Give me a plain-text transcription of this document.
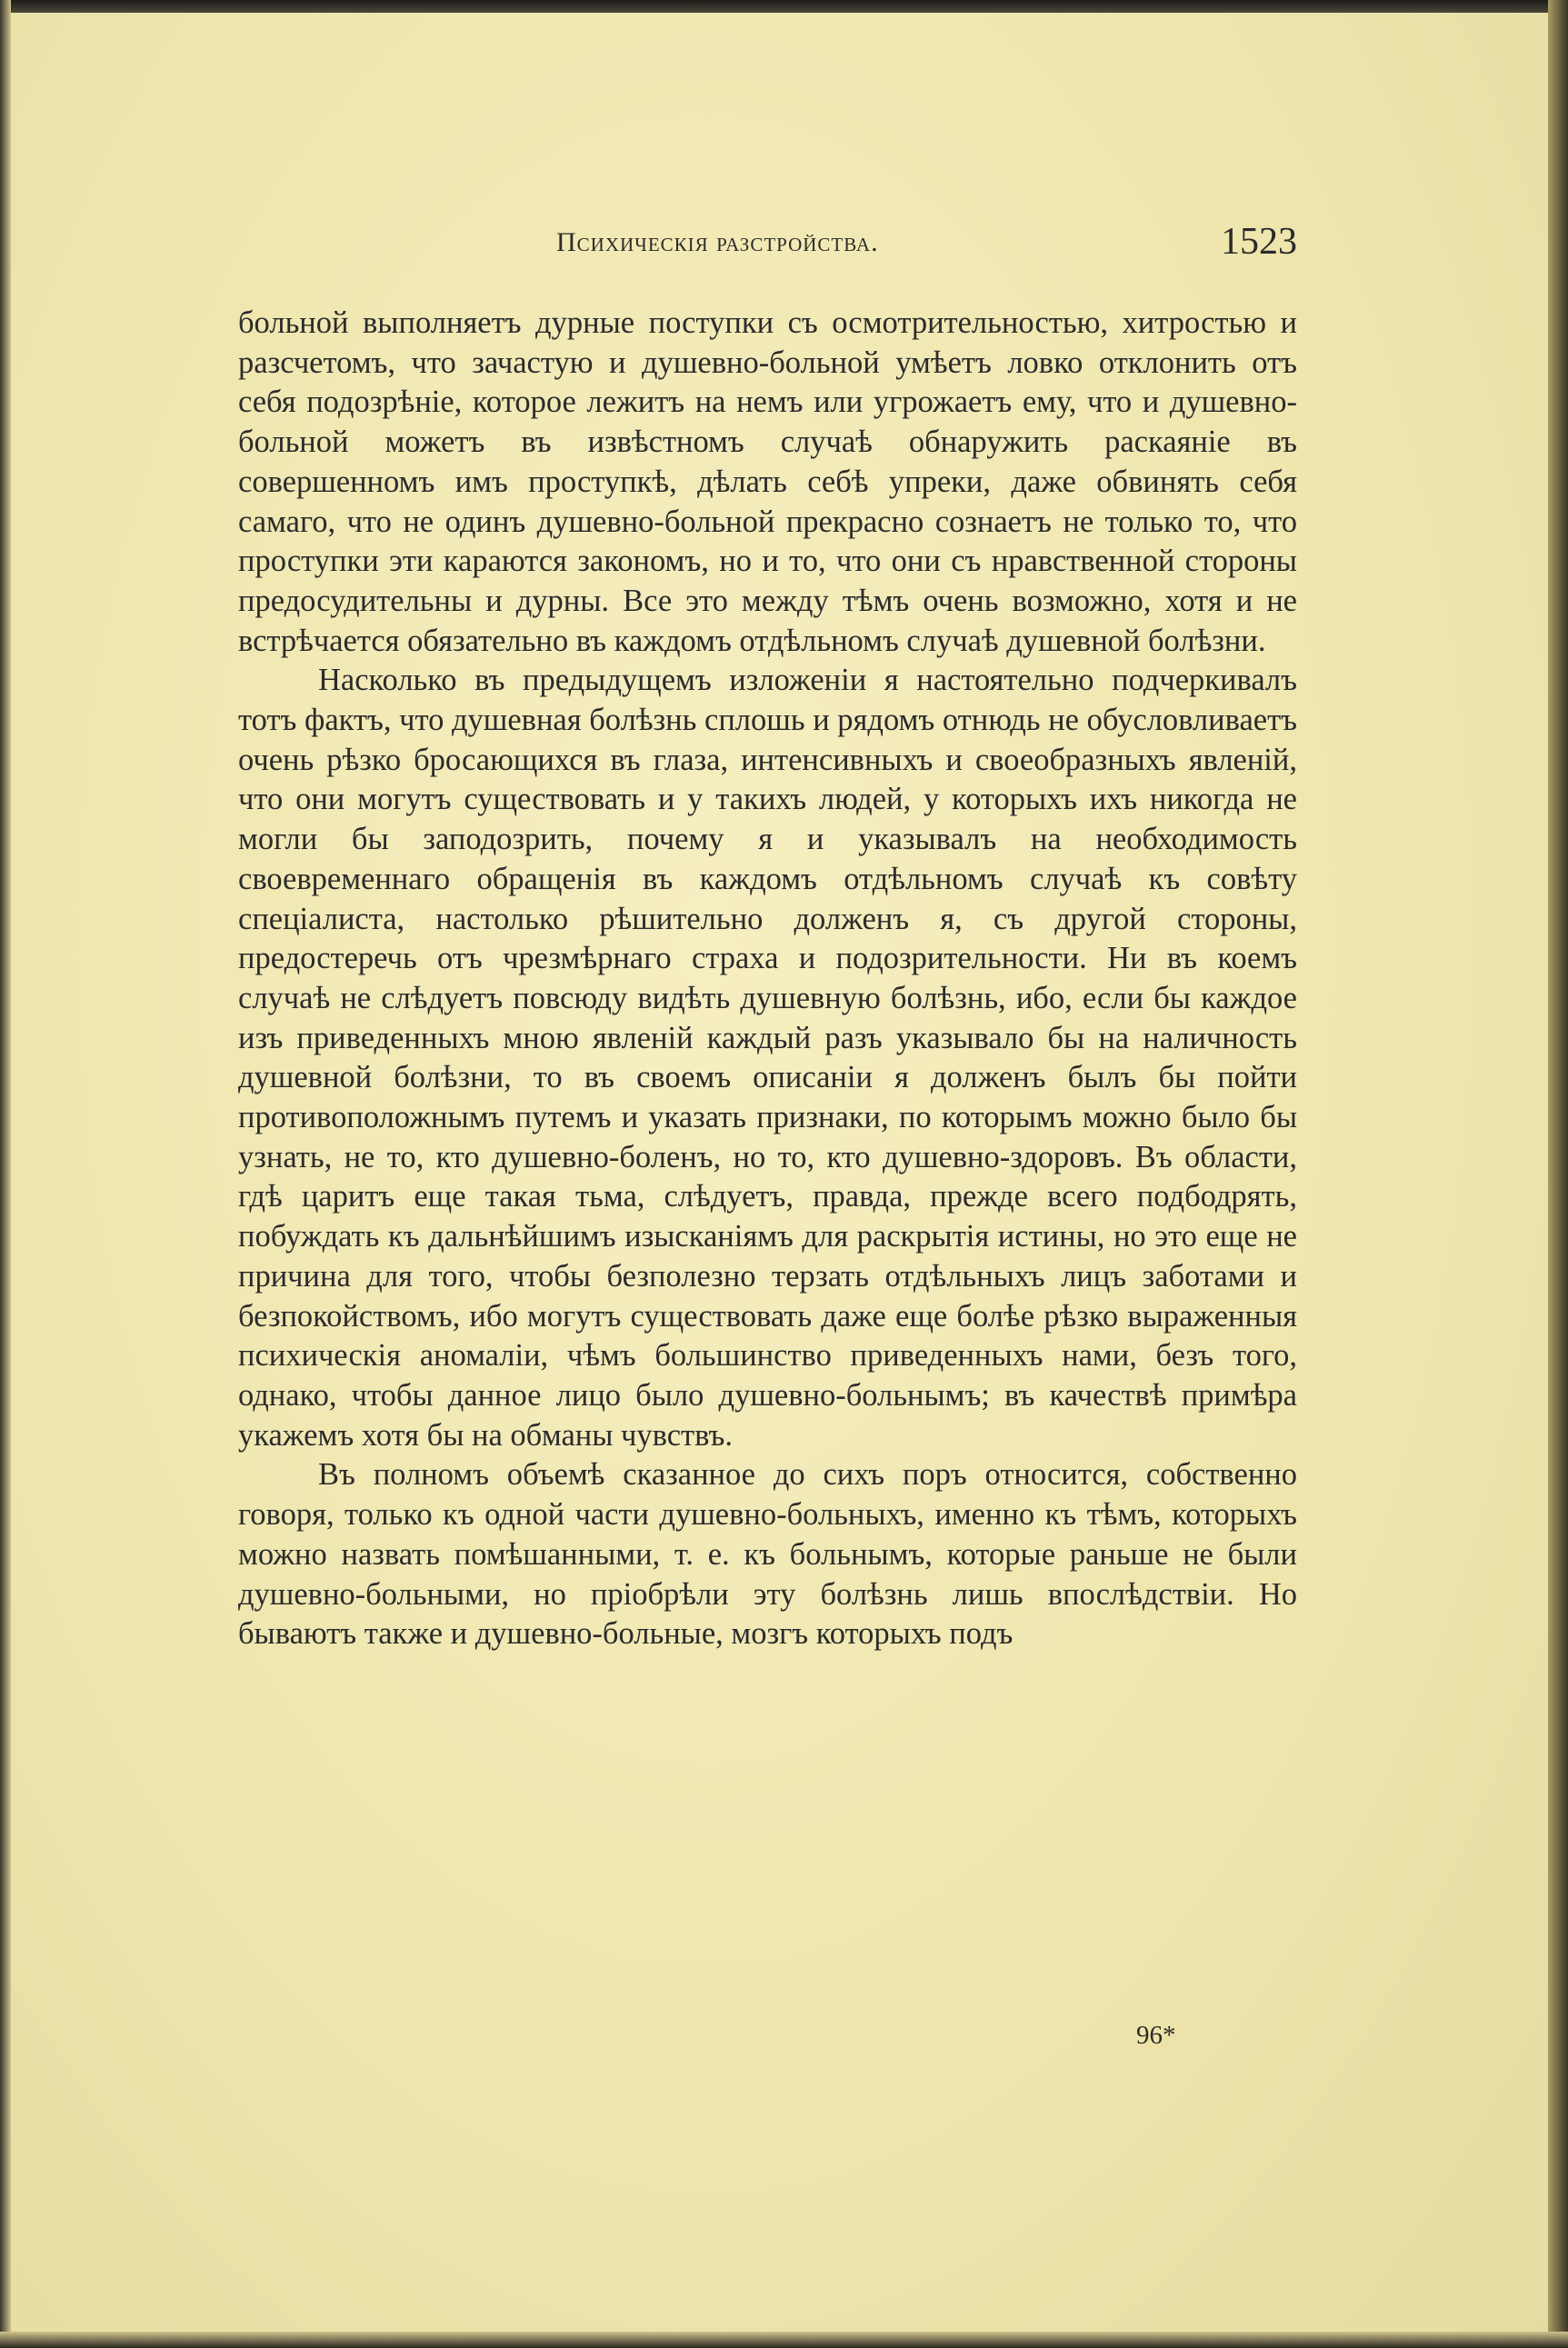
Психическiя разстройства.	1523

больной выполняетъ дурные поступки съ осмотрительностью, хитростью и разсчетомъ, что зачастую и душевно-больной умѣетъ ловко отклонить отъ себя подозрѣнiе, которое лежитъ на немъ или угрожаетъ ему, что и душевно-больной можетъ въ извѣстномъ случаѣ обнаружить раскаянiе въ совершенномъ имъ проступкѣ, дѣлать себѣ упреки, даже обвинять себя самаго, что не одинъ душевно-больной прекрасно сознаетъ не только то, что проступки эти караются закономъ, но и то, что они съ нравственной стороны предосудительны и дурны. Все это между тѣмъ очень возможно, хотя и не встрѣчается обязательно въ каждомъ отдѣльномъ случаѣ душевной болѣзни.

Насколько въ предыдущемъ изложенiи я настоятельно подчеркивалъ тотъ фактъ, что душевная болѣзнь сплошь и рядомъ отнюдь не обусловливаетъ очень рѣзко бросающихся въ глаза, интенсивныхъ и своеобразныхъ явленiй, что они могутъ существовать и у такихъ людей, у которыхъ ихъ никогда не могли бы заподозрить, почему я и указывалъ на необходимость своевременнаго обращенiя въ каждомъ отдѣльномъ случаѣ къ совѣту спецiалиста, настолько рѣшительно долженъ я, съ другой стороны, предостеречь отъ чрезмѣрнаго страха и подозрительности. Ни въ коемъ случаѣ не слѣдуетъ повсюду видѣть душевную болѣзнь, ибо, если бы каждое изъ приведенныхъ мною явленiй каждый разъ указывало бы на наличность душевной болѣзни, то въ своемъ описанiи я долженъ былъ бы пойти противоположнымъ путемъ и указать признаки, по которымъ можно было бы узнать, не то, кто душевно-боленъ, но то, кто душевно-здоровъ. Въ области, гдѣ царитъ еще такая тьма, слѣдуетъ, правда, прежде всего подбодрять, побуждать къ дальнѣйшимъ изысканiямъ для раскрытiя истины, но это еще не причина для того, чтобы безполезно терзать отдѣльныхъ лицъ заботами и безпокойствомъ, ибо могутъ существовать даже еще болѣе рѣзко выраженныя психическiя аномалiи, чѣмъ большинство приведенныхъ нами, безъ того, однако, чтобы данное лицо было душевно-больнымъ; въ качествѣ примѣра укажемъ хотя бы на обманы чувствъ.

Въ полномъ объемѣ сказанное до сихъ поръ относится, собственно говоря, только къ одной части душевно-больныхъ, именно къ тѣмъ, которыхъ можно назвать помѣшанными, т. е. къ больнымъ, которые раньше не были душевно-больными, но прiобрѣли эту болѣзнь лишь впослѣдствiи. Но бываютъ также и душевно-больные, мозгъ которыхъ подъ

96*
